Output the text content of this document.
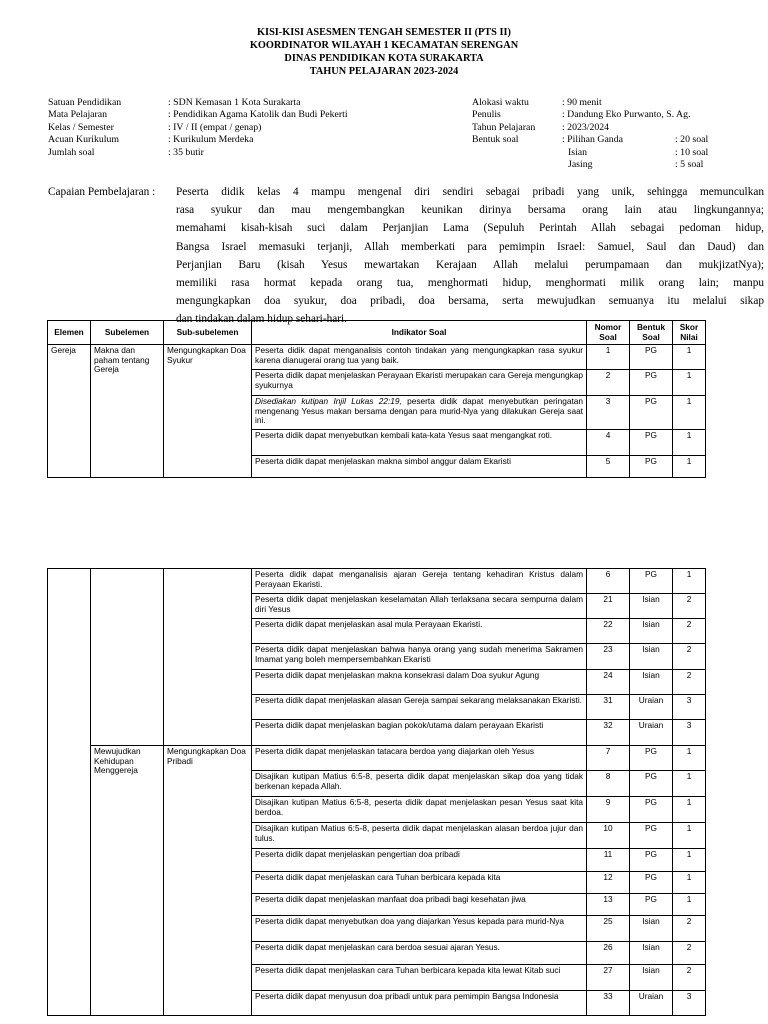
KISI-KISI ASESMEN TENGAH SEMESTER II (PTS II)
KOORDINATOR WILAYAH 1 KECAMATAN SERENGAN
DINAS PENDIDIKAN KOTA SURAKARTA
TAHUN PELAJARAN 2023-2024
Satuan Pendidikan	: SDN Kemasan 1 Kota Surakarta
Mata Pelajaran	: Pendidikan Agama Katolik dan Budi Pekerti
Kelas / Semester	: IV / II (empat / genap)
Acuan Kurikulum	: Kurikulum Merdeka
Jumlah soal	: 35 butir
Alokasi waktu	: 90 menit
Penulis	: Dandung Eko Purwanto, S. Ag.
Tahun Pelajaran	: 2023/2024
Bentuk soal	: Pilihan Ganda	: 20 soal
Isian	: 10 soal
Jasing	: 5 soal
Capaian Pembelajaran : Peserta didik kelas 4 mampu mengenal diri sendiri sebagai pribadi yang unik, sehingga memunculkan
rasa syukur dan mau mengembangkan keunikan dirinya bersama orang lain atau lingkungannya;
memahami kisah-kisah suci dalam Perjanjian Lama (Sepuluh Perintah Allah sebagai pedoman hidup,
Bangsa Israel memasuki terjanji, Allah memberkati para pemimpin Israel: Samuel, Saul dan Daud) dan
Perjanjian Baru (kisah Yesus mewartakan Kerajaan Allah melalui perumpamaan dan mukjizatNya);
memiliki rasa hormat kepada orang tua, menghormati hidup, menghormati milik orang lain; manpu
mengungkapkan doa syukur, doa pribadi, doa bersama, serta mewujudkan semuanya itu melalui sikap
dan tindakan dalam hidup sehari-hari.
Elemen	Subelemen	Sub-subelemen	Indikator Soal	Nomor Soal	Bentuk Soal	Skor Nilai
Gereja	Makna dan paham tentang Gereja	Mengungkapkan Doa Syukur	Peserta didik dapat menganalisis contoh tindakan yang mengungkapkan rasa syukur karena dianugerai orang tua yang baik.	1	PG	1
			Peserta didik dapat menjelaskan Perayaan Ekaristi merupakan cara Gereja mengungkap syukurnya	2	PG	1
			Disediakan kutipan Injil Lukas 22:19, peserta didik dapat menyebutkan peringatan mengenang Yesus makan bersama dengan para murid-Nya yang dilakukan Gereja saat ini.	3	PG	1
			Peserta didik dapat menyebutkan kembali kata-kata Yesus saat mengangkat roti.	4	PG	1
			Peserta didik dapat menjelaskan makna simbol anggur dalam Ekaristi	5	PG	1
			Peserta didik dapat menganalisis ajaran Gereja tentang kehadiran Kristus dalam Perayaan Ekaristi.	6	PG	1
			Peserta didik dapat menjelaskan keselamatan Allah terlaksana secara sempurna dalam diri Yesus	21	Isian	2
			Peserta didik dapat menjelaskan asal mula Perayaan Ekaristi.	22	Isian	2
			Peserta didik dapat menjelaskan bahwa hanya orang yang sudah menerima Sakramen Imamat yang boleh mempersembahkan Ekaristi	23	Isian	2
			Peserta didik dapat menjelaskan makna konsekrasi dalam Doa syukur Agung	24	Isian	2
			Peserta didik dapat menjelaskan alasan Gereja sampai sekarang melaksanakan Ekaristi.	31	Uraian	3
			Peserta didik dapat menjelaskan bagian pokok/utama dalam perayaan Ekaristi	32	Uraian	3
	Mewujudkan Kehidupan Menggereja	Mengungkapkan Doa Pribadi	Peserta didik dapat menjelaskan tatacara berdoa yang diajarkan oleh Yesus	7	PG	1
			Disajikan kutipan Matius 6:5-8, peserta didik dapat menjelaskan sikap doa yang tidak berkenan kepada Allah.	8	PG	1
			Disajikan kutipan Matius 6:5-8, peserta didik dapat menjelaskan pesan Yesus saat kita berdoa.	9	PG	1
			Disajikan kutipan Matius 6:5-8, peserta didik dapat menjelaskan alasan berdoa jujur dan tulus.	10	PG	1
			Peserta didik dapat menjelaskan pengertian doa pribadi	11	PG	1
			Peserta didik dapat menjelaskan cara Tuhan berbicara kepada kita	12	PG	1
			Peserta didik dapat menjelaskan manfaat doa pribadi bagi kesehatan jiwa	13	PG	1
			Peserta didik dapat menyebutkan doa yang diajarkan Yesus kepada para murid-Nya	25	Isian	2
			Peserta didik dapat menjelaskan cara berdoa sesuai ajaran Yesus.	26	Isian	2
			Peserta didik dapat menjelaskan cara Tuhan berbicara kepada kita lewat Kitab suci	27	Isian	2
			Peserta didik dapat menyusun doa pribadi untuk para pemimpin Bangsa Indonesia	33	Uraian	3
